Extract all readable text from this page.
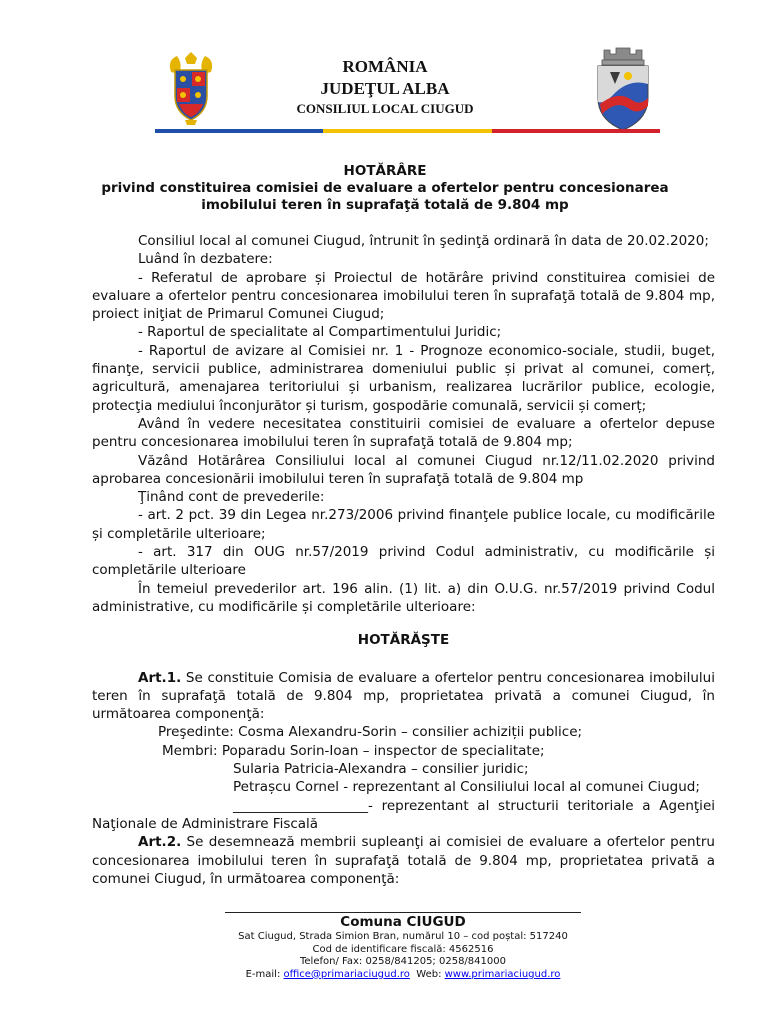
ROMÂNIA
JUDEŢUL ALBA
CONSILIUL LOCAL CIUGUD
HOTĂRÂRE
privind constituirea comisiei de evaluare a ofertelor pentru concesionarea
imobilului teren în suprafaţă totală de 9.804 mp

Consiliul local al comunei Ciugud, întrunit în şedinţă ordinară în data de 20.02.2020;

Luând în dezbatere:

- Referatul de aprobare și Proiectul de hotărâre privind constituirea comisiei de evaluare a ofertelor pentru concesionarea imobilului teren în suprafaţă totală de 9.804 mp, proiect iniţiat de Primarul Comunei Ciugud;

- Raportul de specialitate al Compartimentului Juridic;

- Raportul de avizare al Comisiei nr. 1 - Prognoze economico-sociale, studii, buget, finanţe, servicii publice, administrarea domeniului public și privat al comunei, comerț, agricultură, amenajarea teritoriului și urbanism, realizarea lucrărilor publice, ecologie, protecţia mediului înconjurător și turism, gospodărie comunală, servicii și comerț;

Având în vedere necesitatea constituirii comisiei de evaluare a ofertelor depuse pentru concesionarea imobilului teren în suprafaţă totală de 9.804 mp;

Văzând Hotărârea Consiliului local al comunei Ciugud nr.12/11.02.2020 privind aprobarea concesionării imobilului teren în suprafaţă totală de 9.804 mp

Ţinând cont de prevederile:

- art. 2 pct. 39 din Legea nr.273/2006 privind finanţele publice locale, cu modificările și completările ulterioare;

- art. 317 din OUG nr.57/2019 privind Codul administrativ, cu modificările și completările ulterioare

În temeiul prevederilor art. 196 alin. (1) lit. a) din O.U.G. nr.57/2019 privind Codul administrative, cu modificările și completările ulterioare:

HOTĂRĂŞTE

Art.1. Se constituie Comisia de evaluare a ofertelor pentru concesionarea imobilului teren în suprafaţă totală de 9.804 mp, proprietatea privată a comunei Ciugud, în următoarea componenţă:

Preşedinte: Cosma Alexandru-Sorin – consilier achiziții publice;

Membri: Poparadu Sorin-Ioan – inspector de specialitate;

Sularia Patricia-Alexandra – consilier juridic;

Petrașcu Cornel - reprezentant al Consiliului local al comunei Ciugud;

____________________- reprezentant al structurii teritoriale a Agenţiei Naţionale de Administrare Fiscală

Art.2. Se desemnează membrii supleanţi ai comisiei de evaluare a ofertelor pentru concesionarea imobilului teren în suprafaţă totală de 9.804 mp, proprietatea privată a comunei Ciugud, în următoarea componenţă:

Comuna CIUGUD
Sat Ciugud, Strada Simion Bran, numărul 10 – cod poștal: 517240
Cod de identificare fiscală: 4562516
Telefon/ Fax: 0258/841205; 0258/841000
E-mail: office@primariaciugud.ro  Web: www.primariaciugud.ro
